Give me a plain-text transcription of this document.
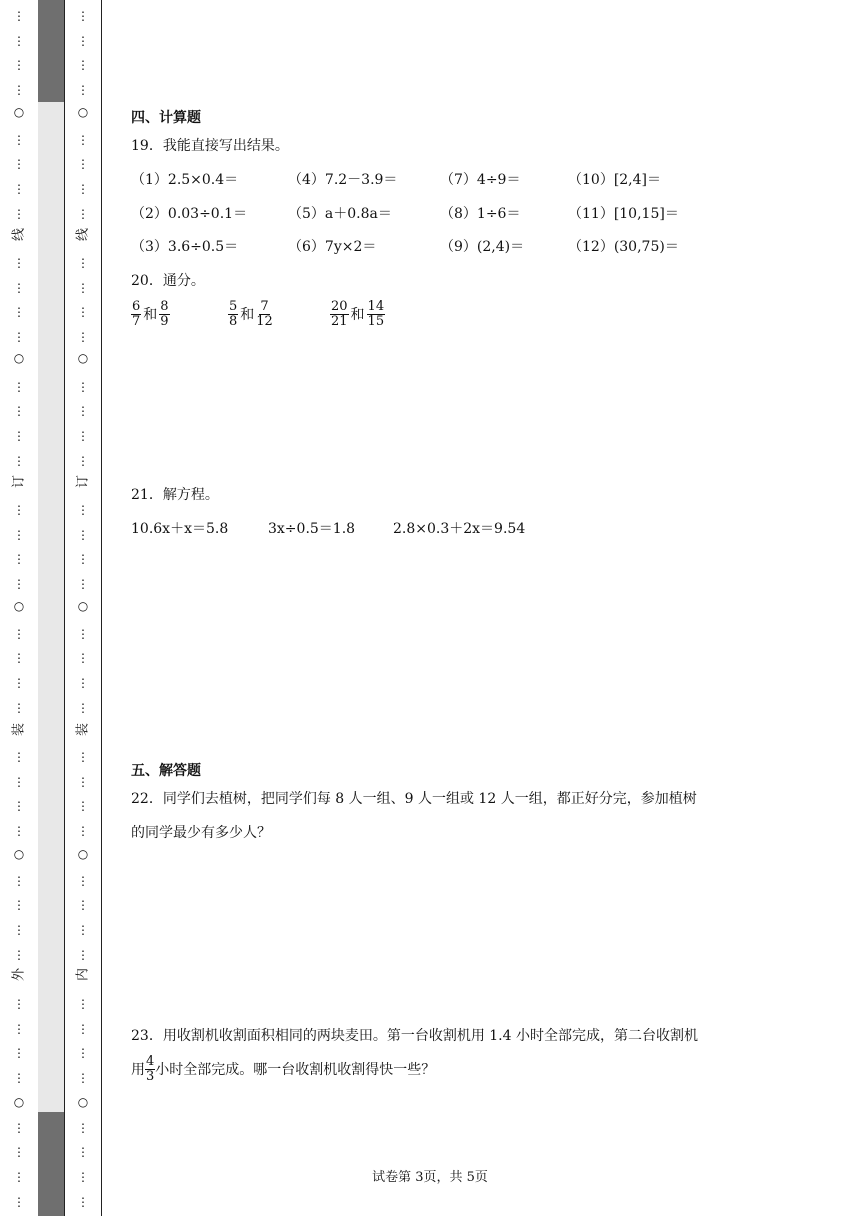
⋮
⋮
⋮
⋮
⋮
⋮
⋮
⋮
⋮
⋮
⋮
⋮
⋮
⋮
⋮
⋮
⋮
⋮
⋮
⋮
⋮
⋮
⋮
⋮
⋮
⋮
⋮
⋮
⋮
⋮
⋮
⋮
⋮
⋮
⋮
⋮
⋮
⋮
⋮
⋮
○
○
○
○
○
线
订
装
外
⋮
⋮
⋮
⋮
⋮
⋮
⋮
⋮
⋮
⋮
⋮
⋮
⋮
⋮
⋮
⋮
⋮
⋮
⋮
⋮
⋮
⋮
⋮
⋮
⋮
⋮
⋮
⋮
⋮
⋮
⋮
⋮
⋮
⋮
⋮
⋮
⋮
⋮
⋮
⋮
○
○
○
○
○
线
订
装
内
四、计算题
19．我能直接写出结果。
（1）2.5×0.4＝	（4）7.2－3.9＝	（7）4÷9＝	（10）[2,4]＝
（2）0.03÷0.1＝	（5）a＋0.8a＝	（8）1÷6＝	（11）[10,15]＝
（3）3.6÷0.5＝	（6）7y×2＝	（9）(2,4)＝	（12）(30,75)＝
20．通分。
$\frac{6}{7}$ 和 $\frac{8}{9}$	$\frac{5}{8}$ 和 $\frac{7}{12}$	$\frac{20}{21}$ 和 $\frac{14}{15}$
21．解方程。
10.6x＋x＝5.8	3x÷0.5＝1.8	2.8×0.3＋2x＝9.54
五、解答题
22．同学们去植树，把同学们每 8 人一组、9 人一组或 12 人一组，都正好分完，参加植树
的同学最少有多少人？
23．用收割机收割面积相同的两块麦田。第一台收割机用 1.4 小时全部完成，第二台收割机
用 $\frac{4}{3}$ 小时全部完成。哪一台收割机收割得快一些？
试卷第 3页，共 5页
